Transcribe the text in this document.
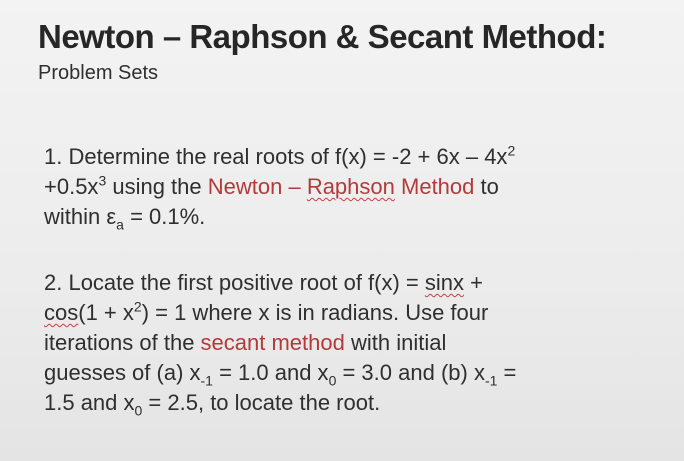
Newton – Raphson & Secant Method:
Problem Sets
1. Determine the real roots of $f(x) = -2 + 6x - 4x^2$
$+0.5x^3$ using the Newton – Raphson Method to
within $\varepsilon_a = 0.1\%$.
2. Locate the first positive root of f(x) = sinx +
$\cos(1 + x^2) = 1$ where x is in radians. Use four
iterations of the secant method with initial
guesses of (a) $x_{-1} = 1.0$ and $x_0 = 3.0$ and (b) $x_{-1}$ =
1.5 and $x_0 = 2.5$, to locate the root.
